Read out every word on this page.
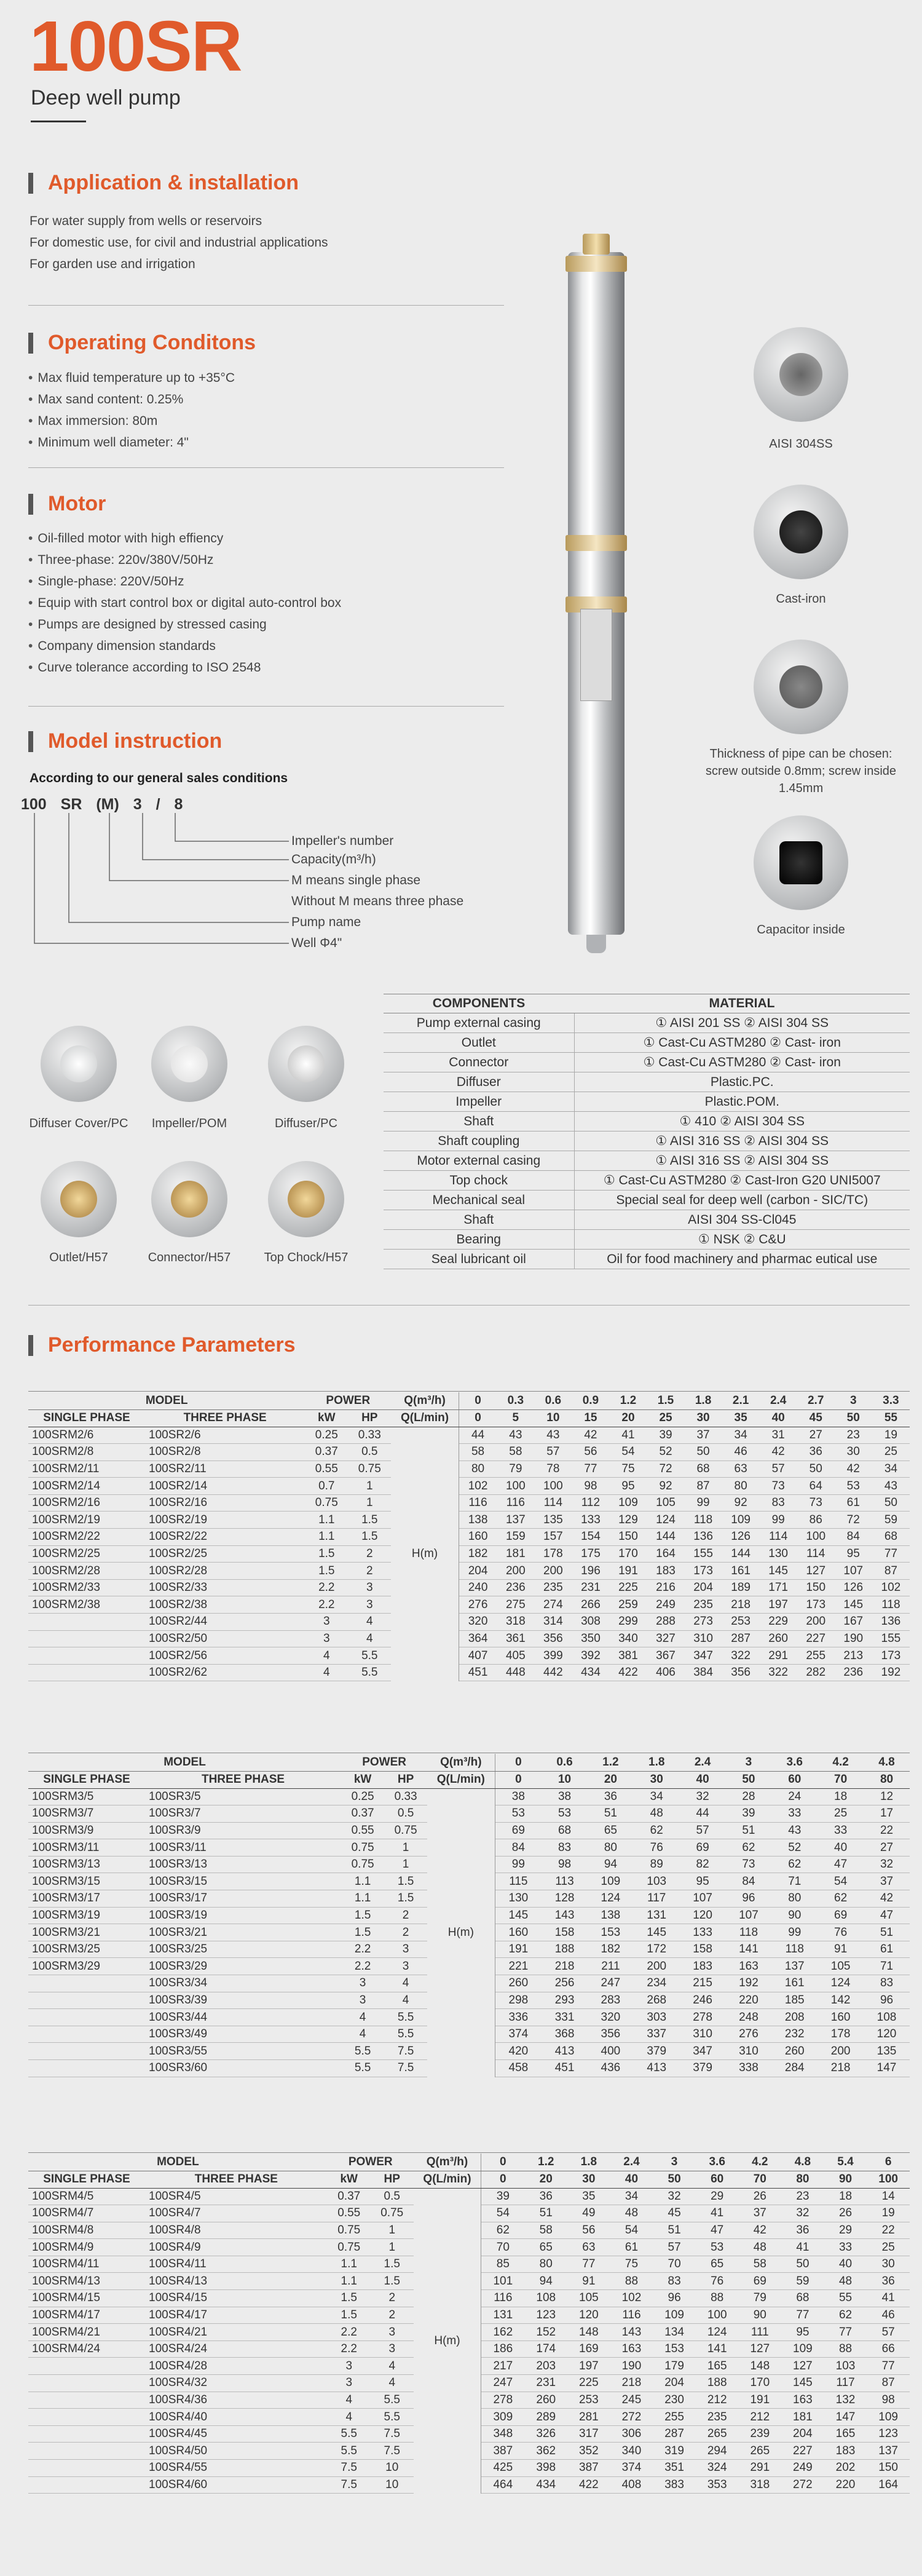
100SR
Deep well pump
Application & installation
For water supply from wells or reservoirs
For domestic use, for civil and industrial applications
For garden use and irrigation
Operating Conditons
• Max fluid temperature up to +35°C
• Max sand content: 0.25%
• Max immersion: 80m
• Minimum well diameter: 4"
Motor
• Oil-filled motor with high effiency
• Three-phase: 220v/380V/50Hz
• Single-phase: 220V/50Hz
• Equip with start control box or digital auto-control box
• Pumps are designed by stressed casing
• Company dimension standards
• Curve tolerance according to ISO 2548
Model instruction
According to our general sales conditions
100 SR (M) 3 / 8
Impeller's number
Capacity(m³/h)
M means single phase
Without M means three phase
Pump name
Well Φ4"
AISI 304SS
Cast-iron
Thickness of pipe can be chosen: screw outside 0.8mm; screw inside 1.45mm
Capacitor inside
Diffuser Cover/PC	Impeller/POM	Diffuser/PC
Outlet/H57	Connector/H57	Top Chock/H57
COMPONENTS	MATERIAL
Pump external casing	① AISI 201 SS ② AISI 304 SS
Outlet	① Cast-Cu ASTM280 ② Cast- iron
Connector	① Cast-Cu ASTM280 ② Cast- iron
Diffuser	Plastic.PC.
Impeller	Plastic.POM.
Shaft	① 410 ② AISI 304 SS
Shaft coupling	① AISI 316 SS ② AISI 304 SS
Motor external casing	① AISI 316 SS ② AISI 304 SS
Top chock	① Cast-Cu ASTM280 ② Cast-Iron G20 UNI5007
Mechanical seal	Special seal for deep well (carbon - SIC/TC)
Shaft	AISI 304 SS-Cl045
Bearing	① NSK ② C&U
Seal lubricant oil	Oil for food machinery and pharmac eutical use
Performance Parameters
MODEL		POWER		Q(m³/h)	0	0.3	0.6	0.9	1.2	1.5	1.8	2.1	2.4	2.7	3	3.3
SINGLE PHASE	THREE PHASE	kW	HP	Q(L/min)	0	5	10	15	20	25	30	35	40	45	50	55
100SRM2/6	100SR2/6	0.25	0.33	H(m)	44	43	43	42	41	39	37	34	31	27	23	19
100SRM2/8	100SR2/8	0.37	0.5		58	58	57	56	54	52	50	46	42	36	30	25
100SRM2/11	100SR2/11	0.55	0.75		80	79	78	77	75	72	68	63	57	50	42	34
100SRM2/14	100SR2/14	0.7	1		102	100	100	98	95	92	87	80	73	64	53	43
100SRM2/16	100SR2/16	0.75	1		116	116	114	112	109	105	99	92	83	73	61	50
100SRM2/19	100SR2/19	1.1	1.5		138	137	135	133	129	124	118	109	99	86	72	59
100SRM2/22	100SR2/22	1.1	1.5		160	159	157	154	150	144	136	126	114	100	84	68
100SRM2/25	100SR2/25	1.5	2		182	181	178	175	170	164	155	144	130	114	95	77
100SRM2/28	100SR2/28	1.5	2		204	200	200	196	191	183	173	161	145	127	107	87
100SRM2/33	100SR2/33	2.2	3		240	236	235	231	225	216	204	189	171	150	126	102
100SRM2/38	100SR2/38	2.2	3		276	275	274	266	259	249	235	218	197	173	145	118
	100SR2/44	3	4		320	318	314	308	299	288	273	253	229	200	167	136
	100SR2/50	3	4		364	361	356	350	340	327	310	287	260	227	190	155
	100SR2/56	4	5.5		407	405	399	392	381	367	347	322	291	255	213	173
	100SR2/62	4	5.5		451	448	442	434	422	406	384	356	322	282	236	192
MODEL		POWER		Q(m³/h)	0	0.6	1.2	1.8	2.4	3	3.6	4.2	4.8
SINGLE PHASE	THREE PHASE	kW	HP	Q(L/min)	0	10	20	30	40	50	60	70	80
100SRM3/5	100SR3/5	0.25	0.33	H(m)	38	38	36	34	32	28	24	18	12
100SRM3/7	100SR3/7	0.37	0.5		53	53	51	48	44	39	33	25	17
100SRM3/9	100SR3/9	0.55	0.75		69	68	65	62	57	51	43	33	22
100SRM3/11	100SR3/11	0.75	1		84	83	80	76	69	62	52	40	27
100SRM3/13	100SR3/13	0.75	1		99	98	94	89	82	73	62	47	32
100SRM3/15	100SR3/15	1.1	1.5		115	113	109	103	95	84	71	54	37
100SRM3/17	100SR3/17	1.1	1.5		130	128	124	117	107	96	80	62	42
100SRM3/19	100SR3/19	1.5	2		145	143	138	131	120	107	90	69	47
100SRM3/21	100SR3/21	1.5	2		160	158	153	145	133	118	99	76	51
100SRM3/25	100SR3/25	2.2	3		191	188	182	172	158	141	118	91	61
100SRM3/29	100SR3/29	2.2	3		221	218	211	200	183	163	137	105	71
	100SR3/34	3	4		260	256	247	234	215	192	161	124	83
	100SR3/39	3	4		298	293	283	268	246	220	185	142	96
	100SR3/44	4	5.5		336	331	320	303	278	248	208	160	108
	100SR3/49	4	5.5		374	368	356	337	310	276	232	178	120
	100SR3/55	5.5	7.5		420	413	400	379	347	310	260	200	135
	100SR3/60	5.5	7.5		458	451	436	413	379	338	284	218	147
MODEL		POWER		Q(m³/h)	0	1.2	1.8	2.4	3	3.6	4.2	4.8	5.4	6
SINGLE PHASE	THREE PHASE	kW	HP	Q(L/min)	0	20	30	40	50	60	70	80	90	100
100SRM4/5	100SR4/5	0.37	0.5	H(m)	39	36	35	34	32	29	26	23	18	14
100SRM4/7	100SR4/7	0.55	0.75		54	51	49	48	45	41	37	32	26	19
100SRM4/8	100SR4/8	0.75	1		62	58	56	54	51	47	42	36	29	22
100SRM4/9	100SR4/9	0.75	1		70	65	63	61	57	53	48	41	33	25
100SRM4/11	100SR4/11	1.1	1.5		85	80	77	75	70	65	58	50	40	30
100SRM4/13	100SR4/13	1.1	1.5		101	94	91	88	83	76	69	59	48	36
100SRM4/15	100SR4/15	1.5	2		116	108	105	102	96	88	79	68	55	41
100SRM4/17	100SR4/17	1.5	2		131	123	120	116	109	100	90	77	62	46
100SRM4/21	100SR4/21	2.2	3		162	152	148	143	134	124	111	95	77	57
100SRM4/24	100SR4/24	2.2	3		186	174	169	163	153	141	127	109	88	66
	100SR4/28	3	4		217	203	197	190	179	165	148	127	103	77
	100SR4/32	3	4		247	231	225	218	204	188	170	145	117	87
	100SR4/36	4	5.5		278	260	253	245	230	212	191	163	132	98
	100SR4/40	4	5.5		309	289	281	272	255	235	212	181	147	109
	100SR4/45	5.5	7.5		348	326	317	306	287	265	239	204	165	123
	100SR4/50	5.5	7.5		387	362	352	340	319	294	265	227	183	137
	100SR4/55	7.5	10		425	398	387	374	351	324	291	249	202	150
	100SR4/60	7.5	10		464	434	422	408	383	353	318	272	220	164
